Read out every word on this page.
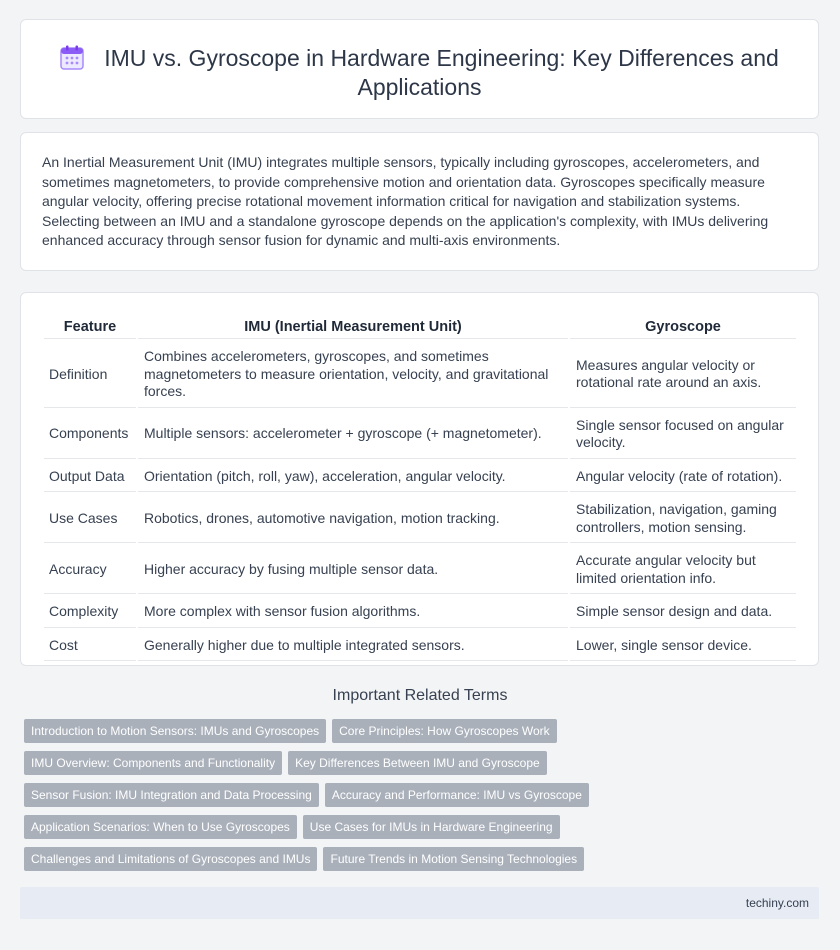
IMU vs. Gyroscope in Hardware Engineering: Key Differences and Applications

An Inertial Measurement Unit (IMU) integrates multiple sensors, typically including gyroscopes, accelerometers, and sometimes magnetometers, to provide comprehensive motion and orientation data. Gyroscopes specifically measure angular velocity, offering precise rotational movement information critical for navigation and stabilization systems. Selecting between an IMU and a standalone gyroscope depends on the application's complexity, with IMUs delivering enhanced accuracy through sensor fusion for dynamic and multi-axis environments.

Feature	IMU (Inertial Measurement Unit)	Gyroscope
Definition	Combines accelerometers, gyroscopes, and sometimes magnetometers to measure orientation, velocity, and gravitational forces.	Measures angular velocity or rotational rate around an axis.
Components	Multiple sensors: accelerometer + gyroscope (+ magnetometer).	Single sensor focused on angular velocity.
Output Data	Orientation (pitch, roll, yaw), acceleration, angular velocity.	Angular velocity (rate of rotation).
Use Cases	Robotics, drones, automotive navigation, motion tracking.	Stabilization, navigation, gaming controllers, motion sensing.
Accuracy	Higher accuracy by fusing multiple sensor data.	Accurate angular velocity but limited orientation info.
Complexity	More complex with sensor fusion algorithms.	Simple sensor design and data.
Cost	Generally higher due to multiple integrated sensors.	Lower, single sensor device.
Important Related Terms
Introduction to Motion Sensors: IMUs and Gyroscopes Core Principles: How Gyroscopes Work
IMU Overview: Components and Functionality Key Differences Between IMU and Gyroscope
Sensor Fusion: IMU Integration and Data Processing Accuracy and Performance: IMU vs Gyroscope
Application Scenarios: When to Use Gyroscopes Use Cases for IMUs in Hardware Engineering
Challenges and Limitations of Gyroscopes and IMUs Future Trends in Motion Sensing Technologies
techiny.com
